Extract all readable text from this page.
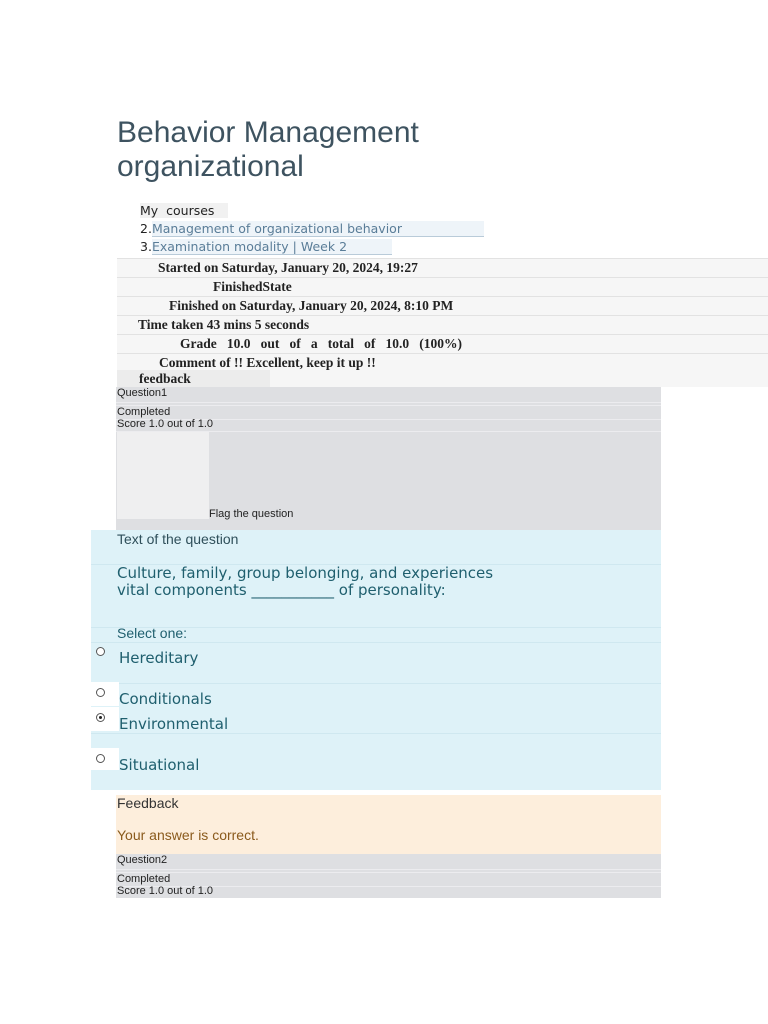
Behavior Management organizational
My  courses
2.Management of organizational behavior
3.Examination modality | Week 2
Started on Saturday, January 20, 2024, 19:27
FinishedState
Finished on Saturday, January 20, 2024, 8:10 PM
Time taken 43 mins 5 seconds
Grade   10.0   out   of   a   total   of   10.0   (100%)
Comment of !! Excellent, keep it up !!
feedback
Question1
Completed
Score 1.0 out of 1.0
Flag the question
Text of the question
Culture, family, group belonging, and experiences
vital components ___________ of personality:
Select one:
Hereditary
Conditionals
Environmental
Situational
Feedback
Your answer is correct.
Question2
Completed
Score 1.0 out of 1.0
